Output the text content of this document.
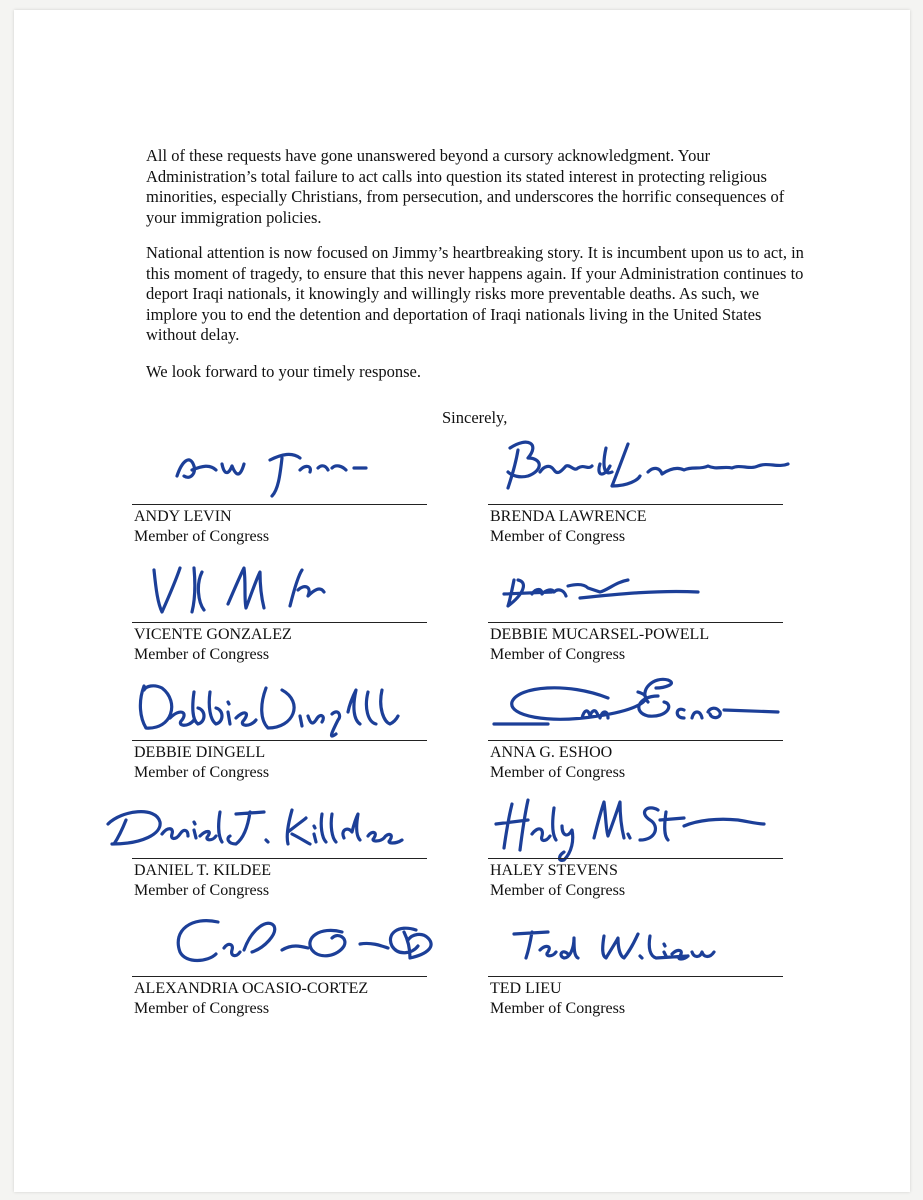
All of these requests have gone unanswered beyond a cursory acknowledgment. Your Administration’s total failure to act calls into question its stated interest in protecting religious minorities, especially Christians, from persecution, and underscores the horrific consequences of your immigration policies.

National attention is now focused on Jimmy’s heartbreaking story. It is incumbent upon us to act, in this moment of tragedy, to ensure that this never happens again. If your Administration continues to deport Iraqi nationals, it knowingly and willingly risks more preventable deaths. As such, we implore you to end the detention and deportation of Iraqi nationals living in the United States without delay.

We look forward to your timely response.

Sincerely,
ANDY LEVIN
Member of Congress
BRENDA LAWRENCE
Member of Congress
VICENTE GONZALEZ
Member of Congress
DEBBIE MUCARSEL-POWELL
Member of Congress
DEBBIE DINGELL
Member of Congress
ANNA G. ESHOO
Member of Congress
DANIEL T. KILDEE
Member of Congress
HALEY STEVENS
Member of Congress
ALEXANDRIA OCASIO-CORTEZ
Member of Congress
TED LIEU
Member of Congress
